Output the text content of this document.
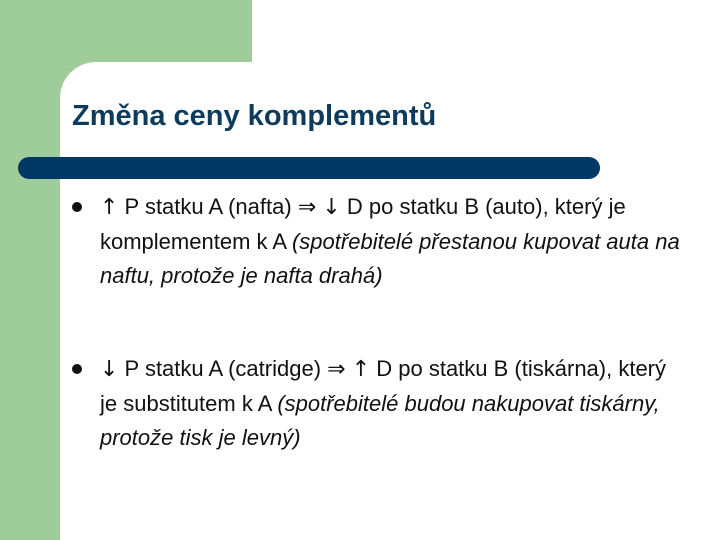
Změna ceny komplementů
↑ P statku A (nafta) ⇒ ↓ D po statku B (auto), který je komplementem k A (spotřebitelé přestanou kupovat auta na naftu, protože je nafta drahá)
↓ P statku A (catridge) ⇒ ↑ D po statku B (tiskárna), který je substitutem k A (spotřebitelé budou nakupovat tiskárny, protože tisk je levný)
